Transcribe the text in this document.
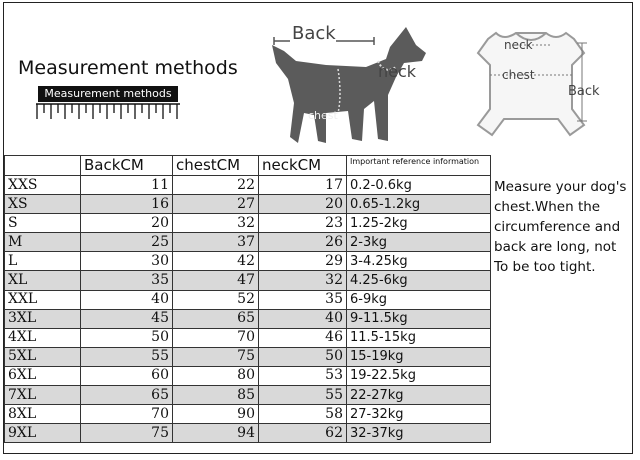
Measurement methods
Measurement methods
Back
neck
chest
neck
chest
Back
	BackCM	chestCM	neckCM	Important reference information
XXS	11	22	17	0.2-0.6kg
XS	16	27	20	0.65-1.2kg
S	20	32	23	1.25-2kg
M	25	37	26	2-3kg
L	30	42	29	3-4.25kg
XL	35	47	32	4.25-6kg
XXL	40	52	35	6-9kg
3XL	45	65	40	9-11.5kg
4XL	50	70	46	11.5-15kg
5XL	55	75	50	15-19kg
6XL	60	80	53	19-22.5kg
7XL	65	85	55	22-27kg
8XL	70	90	58	27-32kg
9XL	75	94	62	32-37kg
Measure your dog's chest.When the circumference and back are long, not To be too tight.
